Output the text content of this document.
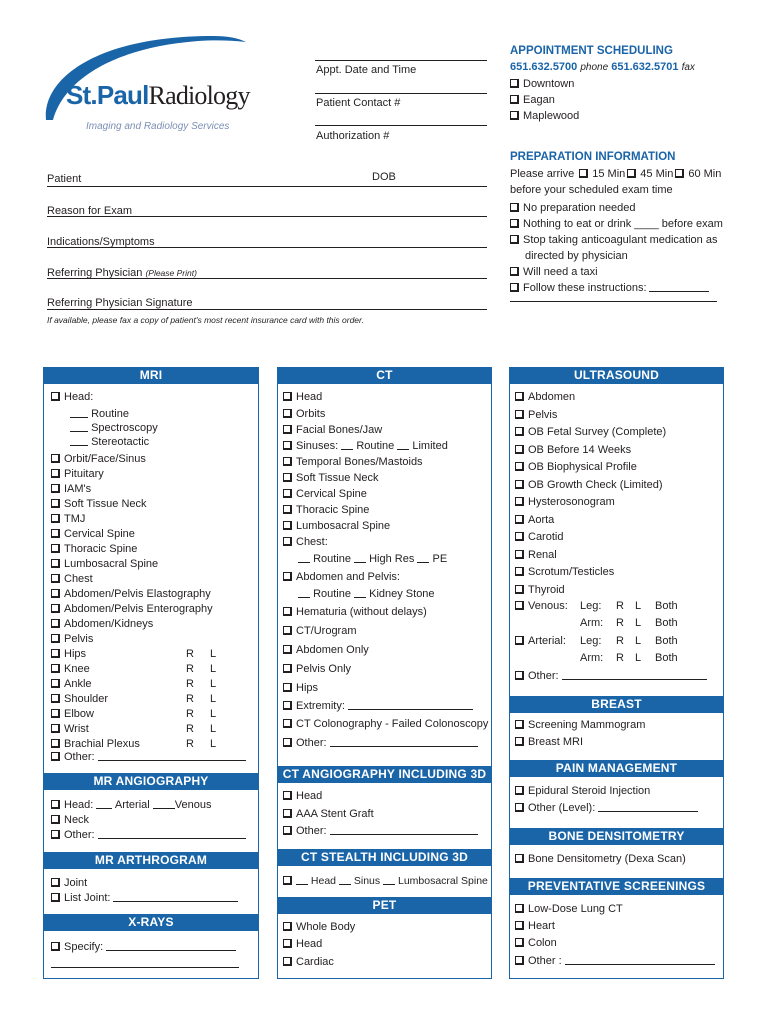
St.PaulRadiology
Imaging and Radiology Services
Appt. Date and Time
Patient Contact #
Authorization #
APPOINTMENT SCHEDULING
651.632.5700 phone 651.632.5701 fax
Downtown
Eagan
Maplewood
PREPARATION INFORMATION
Please arrive 15 Min 45 Min 60 Min
before your scheduled exam time
No preparation needed
Nothing to eat or drink ____ before exam
Stop taking anticoagulant medication as
directed by physician
Will need a taxi
Follow these instructions:
Patient	DOB
Reason for Exam
Indications/Symptoms
Referring Physician (Please Print)
Referring Physician Signature
If available, please fax a copy of patient's most recent insurance card with this order.
MRI
Head:
Routine
Spectroscopy
Stereotactic
Orbit/Face/Sinus
Pituitary
IAM's
Soft Tissue Neck
TMJ
Cervical Spine
Thoracic Spine
Lumbosacral Spine
Chest
Abdomen/Pelvis Elastography
Abdomen/Pelvis Enterography
Abdomen/Kidneys
Pelvis
Hips	R L
Knee	R L
Ankle	R L
Shoulder	R L
Elbow	R L
Wrist	R L
Brachial Plexus	R L
Other:
MR ANGIOGRAPHY
Head: Arterial Venous
Neck
Other:
MR ARTHROGRAM
Joint
List Joint:
X-RAYS
Specify:
CT
Head
Orbits
Facial Bones/Jaw
Sinuses: Routine Limited
Temporal Bones/Mastoids
Soft Tissue Neck
Cervical Spine
Thoracic Spine
Lumbosacral Spine
Chest:
Routine High Res PE
Abdomen and Pelvis:
Routine Kidney Stone
Hematuria (without delays)
CT/Urogram
Abdomen Only
Pelvis Only
Hips
Extremity:
CT Colonography - Failed Colonoscopy
Other:
CT ANGIOGRAPHY INCLUDING 3D
Head
AAA Stent Graft
Other:
CT STEALTH INCLUDING 3D
Head Sinus Lumbosacral Spine
PET
Whole Body
Head
Cardiac
ULTRASOUND
Abdomen
Pelvis
OB Fetal Survey (Complete)
OB Before 14 Weeks
OB Biophysical Profile
OB Growth Check (Limited)
Hysterosonogram
Aorta
Carotid
Renal
Scrotum/Testicles
Thyroid
Venous: Leg: R L Both
Arm: R L Both
Arterial: Leg: R L Both
Arm: R L Both
Other:
BREAST
Screening Mammogram
Breast MRI
PAIN MANAGEMENT
Epidural Steroid Injection
Other (Level):
BONE DENSITOMETRY
Bone Densitometry (Dexa Scan)
PREVENTATIVE SCREENINGS
Low-Dose Lung CT
Heart
Colon
Other :
